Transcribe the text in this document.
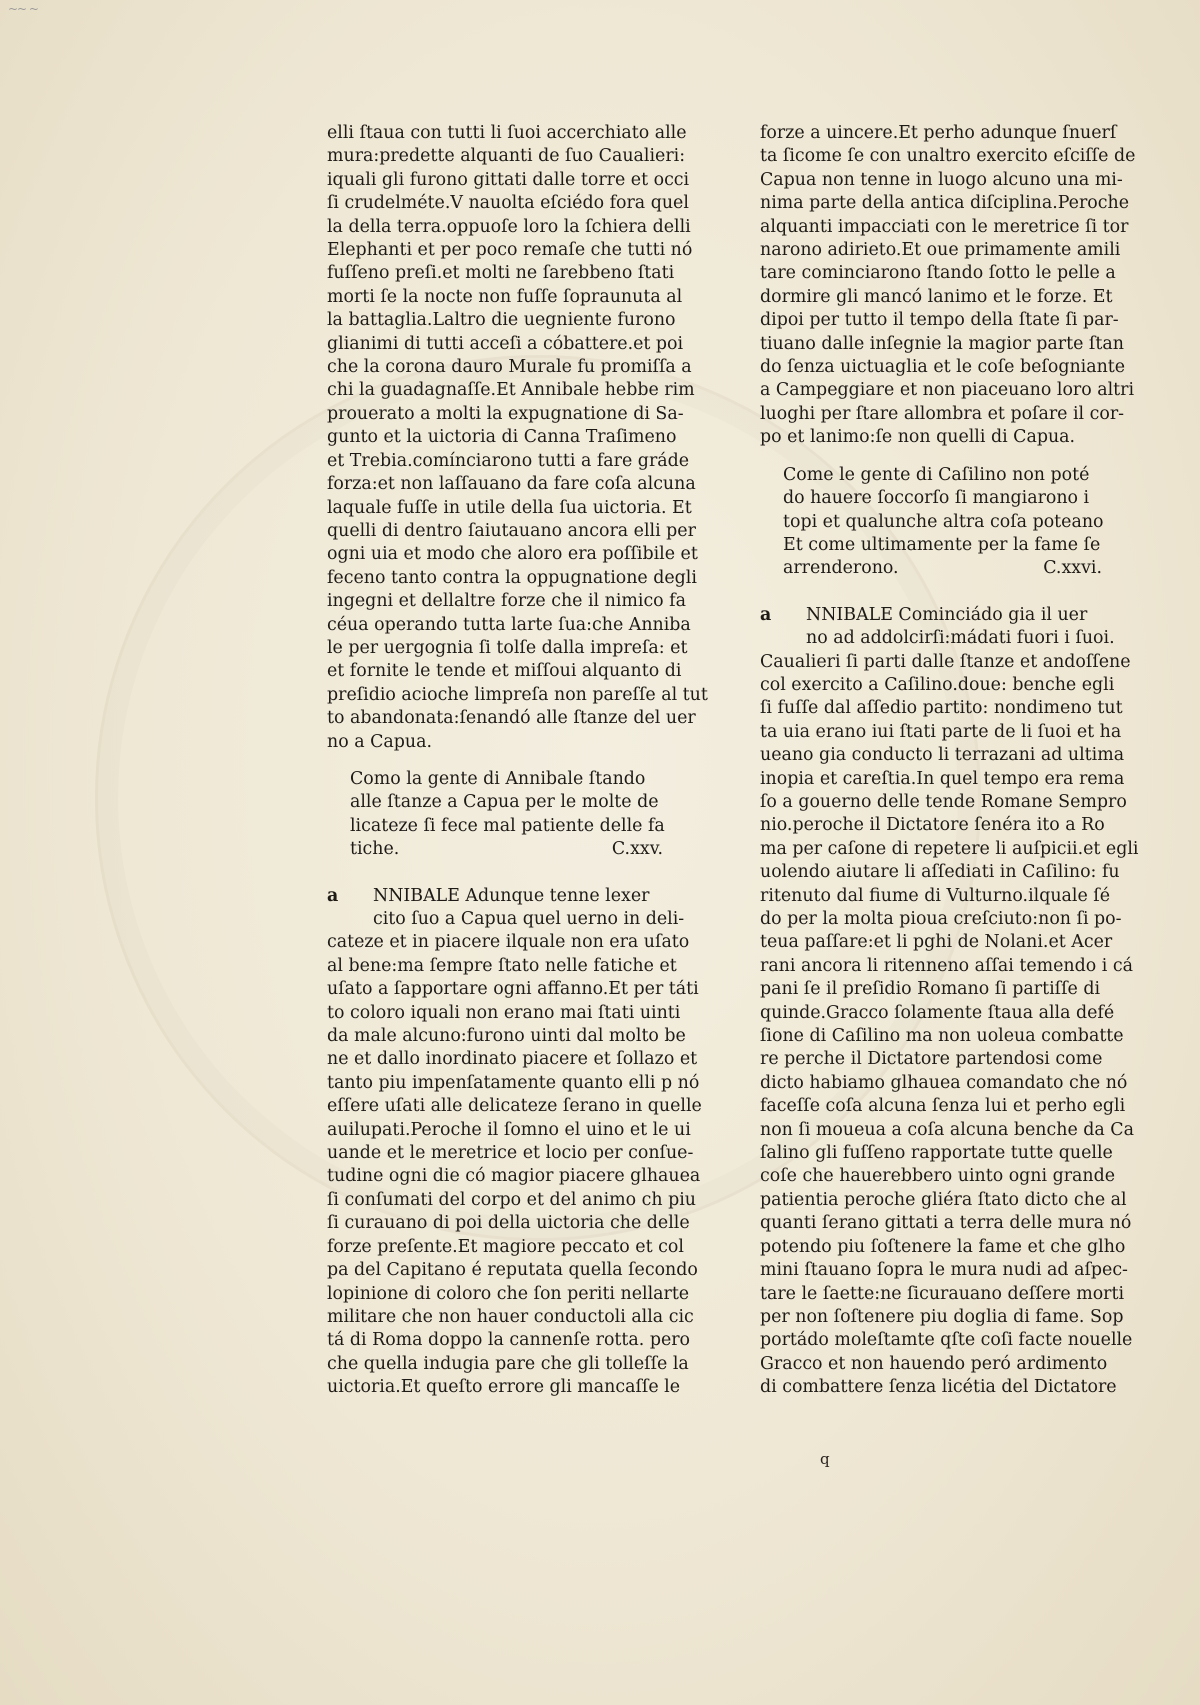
~~ ~
elli ſtaua con tutti li ſuoi accerchiato alle
mura:predette alquanti de ſuo Caualieri:
iquali gli furono gittati dalle torre et occi
ſi crudelméte.V nauolta eſciédo fora quel
la della terra.oppuoſe loro la ſchiera delli
Elephanti et per poco remaſe che tutti nó
fuſſeno preſi.et molti ne ſarebbeno ſtati
morti ſe la nocte non fuſſe ſopraunuta al
la battaglia.Laltro die uegniente furono
glianimi di tutti acceſi a cóbattere.et poi
che la corona dauro Murale fu promiſſa a
chi la guadagnaſſe.Et Annibale hebbe rim
prouerato a molti la expugnatione di Sa-
gunto et la uictoria di Canna Traſimeno
et Trebia.comínciarono tutti a fare gráde
forza:et non laſſauano da fare coſa alcuna
laquale fuſſe in utile della ſua uictoria. Et
quelli di dentro ſaiutauano ancora elli per
ogni uia et modo che aloro era poſſibile et
feceno tanto contra la oppugnatione degli
ingegni et dellaltre forze che il nimico fa
céua operando tutta larte ſua:che Anniba
le per uergognia ſi tolſe dalla impreſa: et
et fornite le tende et miſſoui alquanto di
preſidio acioche limpreſa non pareſſe al tut
to abandonata:ſenandó alle ſtanze del uer
no a Capua.
Como la gente di Annibale ſtando
alle ſtanze a Capua per le molte de
licateze ſi fece mal patiente delle fa
tiche.	C.xxv.
a	NNIBALE Adunque tenne lexer
cito ſuo a Capua quel uerno in deli-
cateze et in piacere ilquale non era uſato
al bene:ma ſempre ſtato nelle fatiche et
uſato a ſapportare ogni affanno.Et per táti
to coloro iquali non erano mai ſtati uinti
da male alcuno:furono uinti dal molto be
ne et dallo inordinato piacere et ſollazo et
tanto piu impenſatamente quanto elli p nó
eſſere uſati alle delicateze ſerano in quelle
auilupati.Peroche il ſomno el uino et le ui
uande et le meretrice et locio per conſue-
tudine ogni die có magior piacere glhauea
ſi conſumati del corpo et del animo ch piu
ſi curauano di poi della uictoria che delle
forze preſente.Et magiore peccato et col
pa del Capitano é reputata quella ſecondo
lopinione di coloro che ſon periti nellarte
militare che non hauer conductoli alla cic
tá di Roma doppo la cannenſe rotta. pero
che quella indugia pare che gli tolleſſe la
uictoria.Et queſto errore gli mancaſſe le
forze a uincere.Et perho adunque ſnuerſ
ta ſicome ſe con unaltro exercito eſciſſe de
Capua non tenne in luogo alcuno una mi-
nima parte della antica diſciplina.Peroche
alquanti impacciati con le meretrice ſi tor
narono adirieto.Et oue primamente amili
tare cominciarono ſtando ſotto le pelle a
dormire gli mancó lanimo et le forze. Et
dipoi per tutto il tempo della ſtate ſi par-
tiuano dalle inſegnie la magior parte ſtan
do ſenza uictuaglia et le coſe beſogniante
a Campeggiare et non piaceuano loro altri
luoghi per ſtare allombra et poſare il cor-
po et lanimo:ſe non quelli di Capua.
Come le gente di Caſilino non poté
do hauere ſoccorſo ſi mangiarono i
topi et qualunche altra coſa poteano
Et come ultimamente per la fame ſe
arrenderono.	C.xxvi.
a	NNIBALE Cominciádo gia il uer
no ad addolcirſi:mádati fuori i ſuoi.
Caualieri ſi parti dalle ſtanze et andoſſene
col exercito a Caſilino.doue: benche egli
ſi fuſſe dal aſſedio partito: nondimeno tut
ta uia erano iui ſtati parte de li ſuoi et ha
ueano gia conducto li terrazani ad ultima
inopia et careſtia.In quel tempo era rema
ſo a gouerno delle tende Romane Sempro
nio.peroche il Dictatore ſenéra ito a Ro
ma per caſone di repetere li auſpicii.et egli
uolendo aiutare li aſſediati in Caſilino: fu
ritenuto dal fiume di Vulturno.ilquale ſé
do per la molta pioua creſciuto:non ſi po-
teua paſſare:et li pghi de Nolani.et Acer
rani ancora li ritenneno aſſai temendo i cá
pani ſe il preſidio Romano ſi partiſſe di
quinde.Gracco ſolamente ſtaua alla defé
ſione di Caſilino ma non uoleua combatte
re perche il Dictatore partendosi come
dicto habiamo glhauea comandato che nó
faceſſe coſa alcuna ſenza lui et perho egli
non ſi moueua a coſa alcuna benche da Ca
ſalino gli fuſſeno rapportate tutte quelle
coſe che hauerebbero uinto ogni grande
patientia peroche gliéra ſtato dicto che al
quanti ſerano gittati a terra delle mura nó
potendo piu ſoſtenere la fame et che glho
mini ſtauano ſopra le mura nudi ad aſpec-
tare le ſaette:ne ſicurauano deſſere morti
per non ſoſtenere piu doglia di fame. Sop
portádo moleſtamte qſte coſi facte nouelle
Gracco et non hauendo peró ardimento
di combattere ſenza licétia del Dictatore
q
